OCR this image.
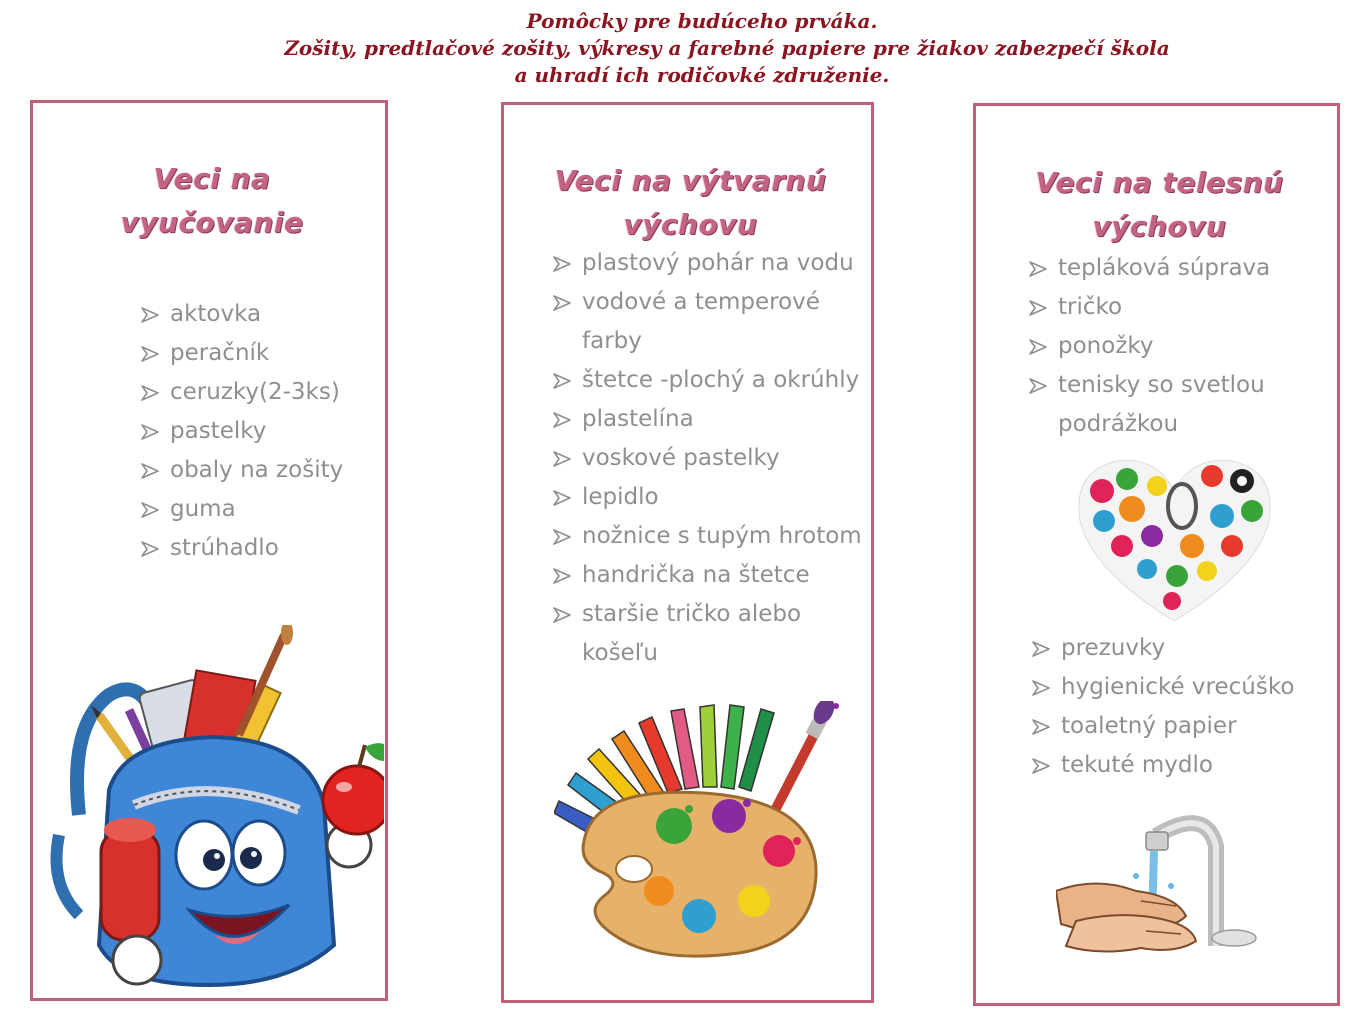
Pomôcky pre budúceho prváka.
Zošity, predtlačové zošity, výkresy a farebné papiere pre žiakov zabezpečí škola
a uhradí ich rodičovké združenie.
Veci na
vyučovanie
aktovka
peračník
ceruzky(2-3ks)
pastelky
obaly na zošity
guma
strúhadlo
Veci na výtvarnú
výchovu
plastový pohár na vodu
vodové a temperové farby
štetce -plochý a okrúhly
plastelína
voskové pastelky
lepidlo
nožnice s tupým hrotom
handrička na štetce
staršie tričko alebo košeľu
Veci na telesnú
výchovu
tepláková súprava
tričko
ponožky
tenisky so svetlou podrážkou
prezuvky
hygienické vrecúško
toaletný papier
tekuté mydlo
